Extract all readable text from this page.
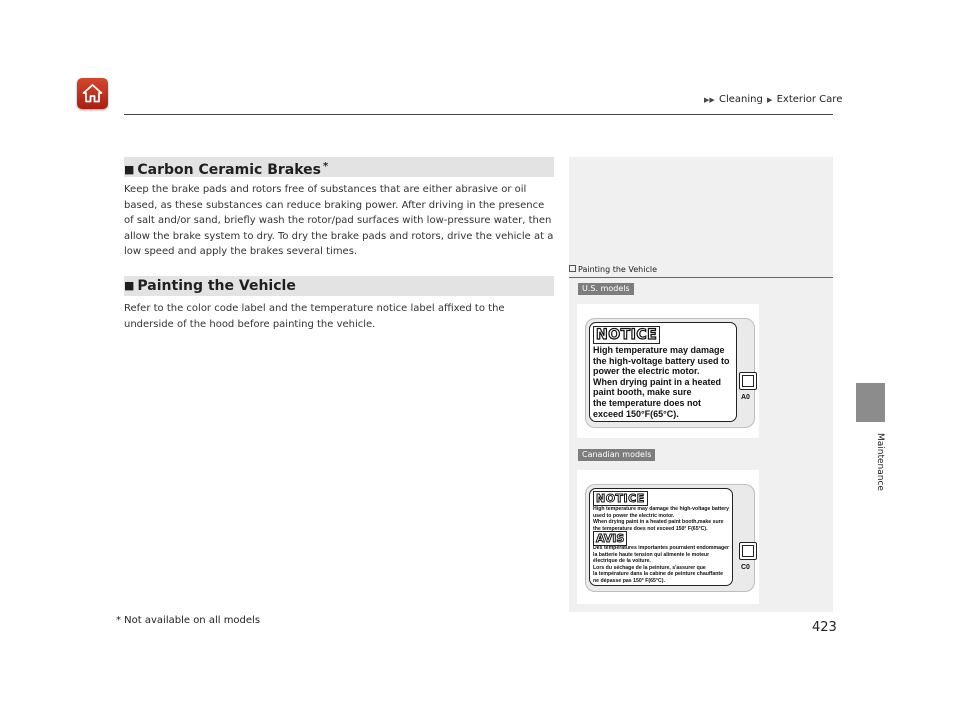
▶▶ Cleaning ▶ Exterior Care
Maintenance
■ Carbon Ceramic Brakes *
Keep the brake pads and rotors free of substances that are either abrasive or oil based, as these substances can reduce braking power. After driving in the presence of salt and/or sand, briefly wash the rotor/pad surfaces with low-pressure water, then allow the brake system to dry. To dry the brake pads and rotors, drive the vehicle at a low speed and apply the brakes several times.
■ Painting the Vehicle
Refer to the color code label and the temperature notice label affixed to the underside of the hood before painting the vehicle.
Painting the Vehicle
U.S. models
NOTICE
High temperature may damage
the high-voltage battery used to
power the electric motor.
When drying paint in a heated
paint booth, make sure
the temperature does not
exceed 150°F(65°C).
A0
Canadian models
NOTICE
High temperature may damage the high-voltage battery
used to power the electric motor.
When drying paint in a heated paint booth,make sure
the temperature does not exceed 150° F(65°C).
AVIS
Des températures importantes pourraient endommager
la batterie haute tension qui alimente le moteur
électrique de la voiture.
Lors du séchage de la peinture, s'assurer que
la température dans la cabine de peinture chauffante
ne dépasse pas 150° F(65°C).
C0
* Not available on all models	423
